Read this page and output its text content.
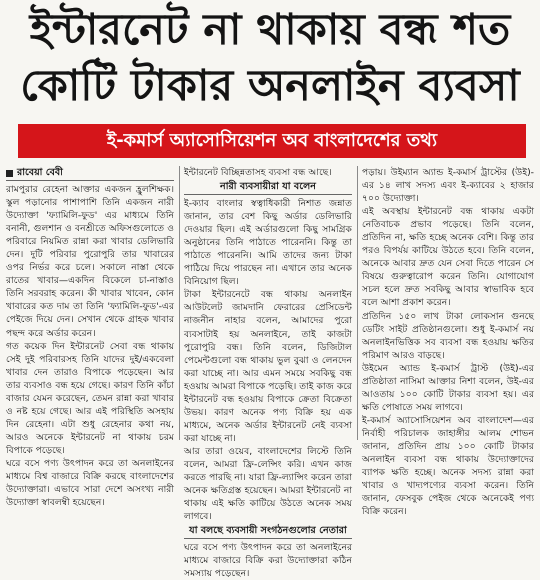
ইন্টারনেট না থাকায় বন্ধ শত
কোটি টাকার অনলাইন ব্যবসা
ই-কমার্স অ্যাসোসিয়েশন অব বাংলাদেশের তথ্য
রাবেয়া বেবী

রামপুরার রেহেনা আক্তার একজন হ্রুলশিক্ষক। স্কুল পড়ানোর পাশাপাশি তিনি একজন নারী উদ্যোক্তা 'ফ্যামিলি-ফুড' এর মাধ্যমে তিনি বনানী, গুলশান ও বনশ্রীতে অফিসগুলোতে ও পরিবারে নিয়মিত রান্না করা খাবার ডেলিভারি দেন। দুটি পরিবার পুরোপুরি তার খাবারের ওপর নির্ভর করে চলে। সকালে নাস্তা থেকে রাতের খাবার—একদিন বিকেলে চা-নাস্তাও তিনি সরবরাহ করেন। কী খাবার খাবেন, কোন খাবারের কত দাম তা তিনি 'ফ্যামিলি-ফুড'-এর পেইজে দিয়ে দেন। সেখান থেকে গ্রাহক খাবার পছন্দ করে অর্ডার করেন।

গত কয়েক দিন ইন্টারনেট সেবা বন্ধ থাকায় সেই দুই পরিবারসহ তিনি যাদের দুই/একবেলা খাবার দেন তারাও বিপাকে পড়েছেন। আর তার ব্যবসাও বন্ধ হয়ে গেছে। কারণ তিনি কাঁচা বাজার যেমন করেছেন, তেমন রান্না করা খাবার ও নষ্ট হয়ে গেছে। আর এই পরিস্থিতি অসহায় দিন রেহেনা। এটা শুধু রেহেনার কথা নয়, আরও অনেকে ইন্টারনেট না থাকায় চরম বিপাকে পড়েছে।

ঘরে বসে পণ্য উৎপাদন করে তা অনলাইনের মাধ্যমে বিশ্ব বাজারে বিক্রি করছে বাংলাদেশের উদ্যোক্তারা। এভাবে সারা দেশে অসংখ্য নারী উদ্যোক্তা স্বাবলম্বী হয়েছেন।

ইন্টারনেট বিচ্ছিন্নতাসহ ব্যবসা বন্ধ আছে।

নারী ব্যবসায়ীরা যা বলেন

ই-ক্যাব বাংলার স্বত্বাধিকারী নিশাত জন্নাত জানান, তার বেশ কিছু অর্ডার ডেলিভারি দেওয়ার ছিল। এই অর্ডারগুলো কিছু সামগ্রিক অনুষ্ঠানের তিনি পাঠাতে পারেননি। কিন্তু তা পাঠাতে পারেননি। আমি তাদের জন্য টাকা পাঠিয়ে দিয়ে পারছেন না। এখানে তার অনেক বিনিয়োগ ছিল।

টাকা ইন্টারনেটে বন্ধ থাকায় অনলাইন আউটলেট জামদানি ফেরারের প্রেসিডেন্ট নাজনীন নাহার বলেন, আমাদের পুরো ব্যবসাটাই হয় অনলাইনে, তাই কাজটা পুরোপুরি বন্ধ। তিনি বলেন, ডিজিটাল পেমেন্টগুলো বন্ধ থাকায় ভুল বুঝা ও লেনদেন করা যাচ্ছে না। আর এমন সময়ে সবকিছু বন্ধ হওয়ায় আমরা বিপাকে পড়েছি। তাই কাজ করে ইন্টারনেট বন্ধ হওয়ায় বিপাকে ক্রেতা বিক্রেতা উভয়। কারণ অনেক পণ্য বিক্রি হয় এক মাধ্যমে, অনেক অর্ডার ইন্টারনেট নেই ব্যবসা করা যাচ্ছে না।

আর তারা ওয়েব, বাংলাদেশের লিস্টে তিনি বলেন, আমরা ফ্রি-লেন্সিং করি। এখন কাজ করতে পারছি না। যারা ফ্রি-ল্যান্সিং করেন তারা অনেক ক্ষতিগ্রস্ত হয়েছেন। আমরা ইন্টারনেট না থাকায় এই ক্ষতি কাটিয়ে উঠতে অনেক সময় লাগবে।

যা বলছে ব্যবসায়ী সংগঠনগুলোর নেতারা

ঘরে বসে পণ্য উৎপাদন করে তা অনলাইনের মাধ্যমে বাজারে বিক্রি করা উদ্যোক্তারা কঠিন সমস্যায় পড়েছেন।

পড়ায়। উইম্যান অ্যান্ড ই-কমার্স ট্রাস্টের (উই)-এর ১৪ লাখ সদস্য এবং ই-ক্যাবের ২ হাজার ৭০০ উদ্যোক্তা।

এই অবস্থায় ইন্টারনেট বন্ধ থাকায় একটা নেতিবাচক প্রভাব পড়েছে। তিনি বলেন, প্রতিদিন না, ক্ষতি হচ্ছে অনেক বেশি। কিন্তু তার পরও বিপর্যয় কাটিয়ে উঠতে হবে। তিনি বলেন, অনেকে আবার দ্রুত যেন সেবা দিতে পারেন সে বিষয়ে গুরুত্বারোপ করেন তিনি। যোগাযোগ সচল হলে দ্রুত সবকিছু আবার স্বাভাবিক হবে বলে আশা প্রকাশ করেন।

প্রতিদিন ১৫০ লাখ টাকা লোকসান গুনছে ডেটিং সাইট প্রতিষ্ঠানগুলো। শুধু ই-কমার্স নয় অনলাইনভিত্তিক সব ব্যবসা বন্ধ হওয়ায় ক্ষতির পরিমাণ আরও বাড়ছে।

উইমেন অ্যান্ড ই-কমার্স ট্রাস্ট (উই)-এর প্রতিষ্ঠাতা নাসিমা আক্তার নিশা বলেন, উই-এর আওতায় ১০০ কোটি টাকার ব্যবসা হয়। এর ক্ষতি পোষাতে সময় লাগবে।

ই-কমার্স অ্যাসোসিয়েশন অব বাংলাদেশ—এর নির্বাহী পরিচালক জাহাঙ্গীর আলম শোভন জানান, প্রতিদিন প্রায় ১০০ কোটি টাকার অনলাইন ব্যবসা বন্ধ থাকায় উদ্যোক্তাদের ব্যাপক ক্ষতি হচ্ছে। অনেক সদস্য রান্না করা খাবার ও খাদ্যপণ্যের ব্যবসা করেন। তিনি জানান, ফেসবুক পেইজ থেকে অনেকেই পণ্য বিক্রি করেন।
